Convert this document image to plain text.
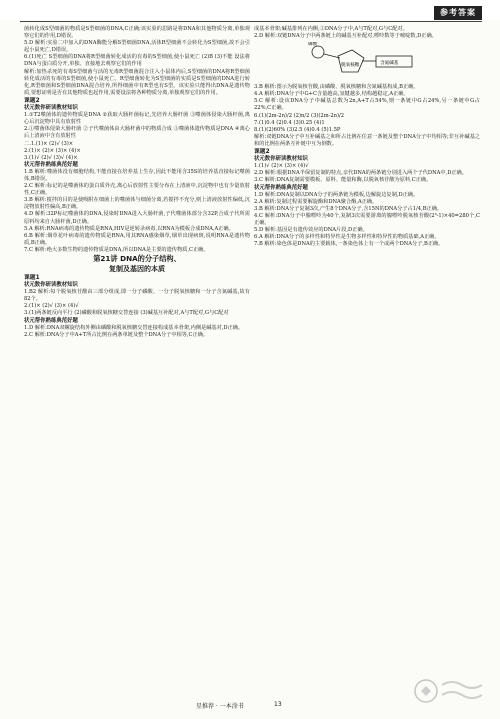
参考答案

菌转化成S型细菌的物质是S型细菌的DNA,C正确;该实验的思路是将DNA和其他物质分离,单独观察它们的作用,D错误。

5.D 解析:实验二中加入的DNA酶能分解S型细菌DNA,活体R型细菌不会转化为S型细菌,故不会引起小鼠死亡,D错误。

6.(1)死亡 S型细菌的DNA将R型细菌转化成活的有毒的S型细菌,使小鼠死亡 (2)B (3)不能 设法将DNA与蛋白质分开,单独、直接地去观察它们的作用

解析:加热杀死的有毒S型细菌与活的无毒R型细菌混合注入小鼠体内后,S型细菌的DNA将R型细菌转化成活的有毒的S型细菌,使小鼠死亡。R型细菌转化为S型细菌的实质是S型细菌的DNA进行转化,R型细菌和S型细菌DNA混合培养,所得细菌中有R型也有S型。该实验只能得出DNA是遗传物质,要想证明是否有其他物质也起作用,需要设法将各种物质分离,单独观察它们的作用。

课题2

状元数你研读教材知识

1.①T2噬菌体的遗传物质是DNA ②获取大肠杆菌标记,先培养大肠杆菌 ③噬菌体侵染大肠杆菌,离心后沉淀物中具有放射性

2.①噬菌体侵染大肠杆菌 ②子代噬菌体由大肠杆菌中的物质合成 ③噬菌体遗传物质是DNA ④离心后上清液中含有放射性

二.1.(1)× (2)√ (3)×

2.(1)× (2)× (3)× (4)×

3.(1)√ (2)√ (3)√ (4)×

状元帮你熟练典范好题

1.B 解析:噬菌体没有细胞结构,不能直接在培养基上生存,因此不能用含35S的培养基直接标记噬菌体,B错误。

2.C 解析:标记的是噬菌体的蛋白质外壳,离心后放射性主要分布在上清液中,沉淀物中也有少量放射性,C正确。

3.B 解析:搅拌的目的是使吸附在细菌上的噬菌体与细菌分离,若搅拌不充分,则上清液放射性偏低,沉淀物放射性偏高,B正确。

4.D 解析:32P标记噬菌体的DNA,侵染时DNA进入大肠杆菌,子代噬菌体部分含32P,合成子代所需原料均来自大肠杆菌,D正确。

5.A 解析:RNA病毒的遗传物质是RNA,HIV是逆转录病毒,以RNA为模板合成DNA,A正确。

6.B 解析:烟草花叶病毒的遗传物质是RNA,用其RNA感染烟草,烟草出现病斑,说明RNA是遗传物质,B正确。

7.C 解析:绝大多数生物的遗传物质是DNA,所以DNA是主要的遗传物质,C正确。

第21讲 DNA的分子结构、

复制及基因的本质

课题1

状元数你研读教材知识

1.B2 解析:每个脱氧核苷酸由三部分组成,即一分子磷酸、一分子脱氧核糖和一分子含氮碱基,故有82个。

2.(1)× (2)√ (3)× (4)√

3.(1)两条链反向平行 (2)磷酸和脱氧核糖交替连接 (3)碱基互补配对,A与T配对,G与C配对

状元帮你熟练典范好题

1.D 解析:DNA双螺旋结构外侧由磷酸和脱氧核糖交替连接构成基本骨架,内侧是碱基对,D正确。

2.C 解析:DNA分子中A+T所占比例在两条单链及整个DNA分子中相等,C正确。

成基本骨架;碱基排列在内侧,③DNA分子中,A与T配对,G与C配对。

2.D 解析:双链DNA分子中两条链上的碱基互补配对,嘌呤数等于嘧啶数,D正确。

磷酸
脱氧核糖	含氮碱基

3.B 解析:图示为脱氧核苷酸,由磷酸、脱氧核糖和含氮碱基构成,B正确。

4.A 解析:DNA分子中G+C含量越高,氢键越多,结构越稳定,A正确。

5.C 解析:设该DNA分子中碱基总数为2n,A+T占54%,则一条链中G占24%,另一条链中G占22%,C正确。

6.(1)(2m-2n)/2 (2)n/2 (3)(2m-2n)/2

7.(1)0.4 (2)0.4 (3)0.25 (4)1

8.(1)(2)60% (3)2.5 (4)0.4 (5)1.5P

解析:双链DNA分子中互补碱基之和所占比例在任意一条链及整个DNA分子中均相等;非互补碱基之和的比例在两条互补链中互为倒数。

课题2

状元数你研读教材知识

1.(1)√ (2)× (3)× (4)√

2.D 解析:根据DNA半保留复制的特点,亲代DNA的两条链分别进入两个子代DNA中,D正确。

3.C 解析:DNA复制需要模板、原料、能量和酶,以脱氧核苷酸为原料,C正确。

状元帮你熟练典范好题

1.D 解析:DNA复制以DNA分子的两条链为模板,边解旋边复制,D正确。

2.A 解析:复制过程需要解旋酶和DNA聚合酶,A正确。

3.B 解析:DNA分子复制3次,产生8个DNA分子,含15N的DNA分子占1/4,B正确。

4.C 解析:DNA分子中腺嘌呤为40个,复制3次需要游离的腺嘌呤脱氧核苷酸(2³-1)×40=280个,C正确。

5.D 解析:基因是有遗传效应的DNA片段,D正确。

6.A 解析:DNA分子的多样性和特异性是生物多样性和特异性的物质基础,A正确。

7.B 解析:染色体是DNA的主要载体,一条染色体上有一个或两个DNA分子,B正确。

星推荐 · 一本涂书	13
